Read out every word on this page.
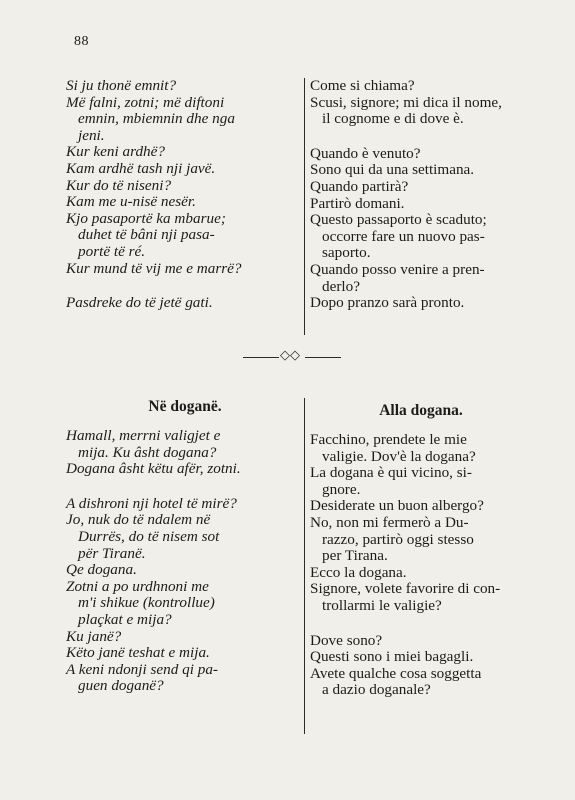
88
Si ju thonë emnit?
Më falni, zotni; më diftoni
emnin, mbiemnin dhe nga
jeni.
Kur keni ardhë?
Kam ardhë tash nji javë.
Kur do të niseni?
Kam me u-nisë nesër.
Kjo pasaportë ka mbarue;
duhet të bâni nji pasa-
portë të ré.
Kur mund të vij me e marrë?
Pasdreke do të jetë gati.
Come si chiama?
Scusi, signore; mi dica il nome,
il cognome e di dove è.
Quando è venuto?
Sono qui da una settimana.
Quando partirà?
Partirò domani.
Questo passaporto è scaduto;
occorre fare un nuovo pas-
saporto.
Quando posso venire a pren-
derlo?
Dopo pranzo sarà pronto.
◇◇
Në doganë.	Alla dogana.
Hamall, merrni valigjet e
mija. Ku âsht dogana?
Dogana âsht këtu afër, zotni.
A dishroni nji hotel të mirë?
Jo, nuk do të ndalem në
Durrës, do të nisem sot
për Tiranë.
Qe dogana.
Zotni a po urdhnoni me
m'i shikue (kontrollue)
plaçkat e mija?
Ku janë?
Këto janë teshat e mija.
A keni ndonji send qi pa-
guen doganë?
Facchino, prendete le mie
valigie. Dov'è la dogana?
La dogana è qui vicino, si-
gnore.
Desiderate un buon albergo?
No, non mi fermerò a Du-
razzo, partirò oggi stesso
per Tirana.
Ecco la dogana.
Signore, volete favorire di con-
trollarmi le valigie?
Dove sono?
Questi sono i miei bagagli.
Avete qualche cosa soggetta
a dazio doganale?
